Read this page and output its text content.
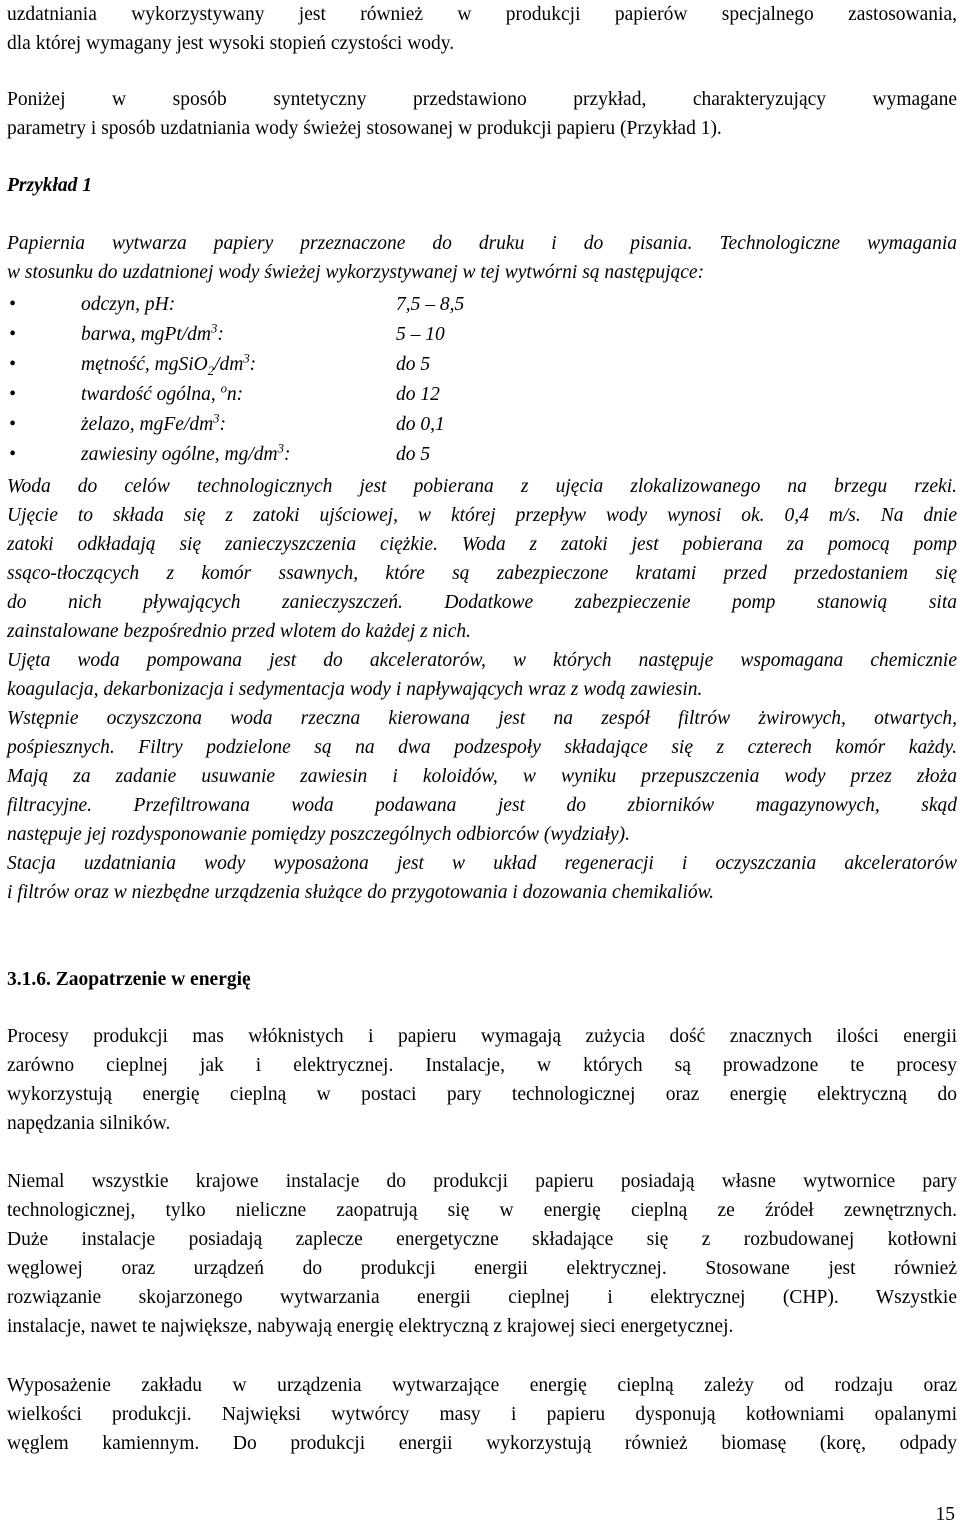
uzdatniania wykorzystywany jest również w produkcji papierów specjalnego zastosowania,
dla której wymagany jest wysoki stopień czystości wody.
Poniżej w sposób syntetyczny przedstawiono przykład, charakteryzujący wymagane
parametry i sposób uzdatniania wody świeżej stosowanej w produkcji papieru (Przykład 1).
Przykład 1
Papiernia wytwarza papiery przeznaczone do druku i do pisania. Technologiczne wymagania
w stosunku do uzdatnionej wody świeżej wykorzystywanej w tej wytwórni są następujące:
•	odczyn, pH:	7,5 – 8,5
•	barwa, mgPt/$dm^3$:	5 – 10
•	mętność, $mgSiO_2/dm^3$:	do 5
•	twardość ogólna, $^o$n:	do 12
•	żelazo, mgFe/$dm^3$:	do 0,1
•	zawiesiny ogólne, $mg/dm^3$:	do 5
Woda do celów technologicznych jest pobierana z ujęcia zlokalizowanego na brzegu rzeki.
Ujęcie to składa się z zatoki ujściowej, w której przepływ wody wynosi ok. 0,4 m/s. Na dnie
zatoki odkładają się zanieczyszczenia ciężkie. Woda z zatoki jest pobierana za pomocą pomp
ssąco-tłoczących z komór ssawnych, które są zabezpieczone kratami przed przedostaniem się
do nich pływających zanieczyszczeń. Dodatkowe zabezpieczenie pomp stanowią sita
zainstalowane bezpośrednio przed wlotem do każdej z nich.
Ujęta woda pompowana jest do akceleratorów, w których następuje wspomagana chemicznie
koagulacja, dekarbonizacja i sedymentacja wody i napływających wraz z wodą zawiesin.
Wstępnie oczyszczona woda rzeczna kierowana jest na zespół filtrów żwirowych, otwartych,
pośpiesznych. Filtry podzielone są na dwa podzespoły składające się z czterech komór każdy.
Mają za zadanie usuwanie zawiesin i koloidów, w wyniku przepuszczenia wody przez złoża
filtracyjne. Przefiltrowana woda podawana jest do zbiorników magazynowych, skąd
następuje jej rozdysponowanie pomiędzy poszczególnych odbiorców (wydziały).
Stacja uzdatniania wody wyposażona jest w układ regeneracji i oczyszczania akceleratorów
i filtrów oraz w niezbędne urządzenia służące do przygotowania i dozowania chemikaliów.
3.1.6. Zaopatrzenie w energię
Procesy produkcji mas włóknistych i papieru wymagają zużycia dość znacznych ilości energii
zarówno cieplnej jak i elektrycznej. Instalacje, w których są prowadzone te procesy
wykorzystują energię cieplną w postaci pary technologicznej oraz energię elektryczną do
napędzania silników.
Niemal wszystkie krajowe instalacje do produkcji papieru posiadają własne wytwornice pary
technologicznej, tylko nieliczne zaopatrują się w energię cieplną ze źródeł zewnętrznych.
Duże instalacje posiadają zaplecze energetyczne składające się z rozbudowanej kotłowni
węglowej oraz urządzeń do produkcji energii elektrycznej. Stosowane jest również
rozwiązanie skojarzonego wytwarzania energii cieplnej i elektrycznej (CHP). Wszystkie
instalacje, nawet te największe, nabywają energię elektryczną z krajowej sieci energetycznej.
Wyposażenie zakładu w urządzenia wytwarzające energię cieplną zależy od rodzaju oraz
wielkości produkcji. Najwięksi wytwórcy masy i papieru dysponują kotłowniami opalanymi
węglem kamiennym. Do produkcji energii wykorzystują również biomasę (korę, odpady
15
